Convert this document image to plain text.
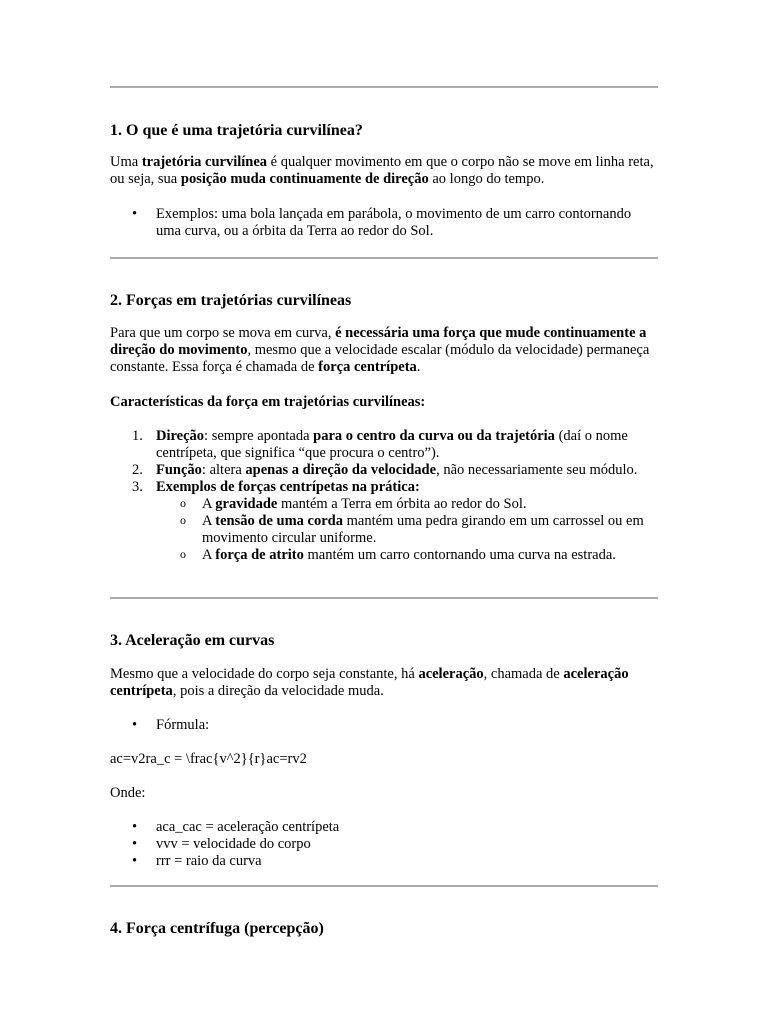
1. O que é uma trajetória curvilínea?

Uma trajetória curvilínea é qualquer movimento em que o corpo não se move em linha reta, ou seja, sua posição muda continuamente de direção ao longo do tempo.

• Exemplos: uma bola lançada em parábola, o movimento de um carro contornando uma curva, ou a órbita da Terra ao redor do Sol.
2. Forças em trajetórias curvilíneas

Para que um corpo se mova em curva, é necessária uma força que mude continuamente a direção do movimento, mesmo que a velocidade escalar (módulo da velocidade) permaneça constante. Essa força é chamada de força centrípeta.

Características da força em trajetórias curvilíneas:

1. Direção: sempre apontada para o centro da curva ou da trajetória (daí o nome centrípeta, que significa “que procura o centro”).
2. Função: altera apenas a direção da velocidade, não necessariamente seu módulo.
3. Exemplos de forças centrípetas na prática:
o A gravidade mantém a Terra em órbita ao redor do Sol.
o A tensão de uma corda mantém uma pedra girando em um carrossel ou em movimento circular uniforme.
o A força de atrito mantém um carro contornando uma curva na estrada.
3. Aceleração em curvas

Mesmo que a velocidade do corpo seja constante, há aceleração, chamada de aceleração centrípeta, pois a direção da velocidade muda.

• Fórmula:

ac=v2ra_c = \frac{v^2}{r}ac=rv2

Onde:

• aca_cac = aceleração centrípeta
• vvv = velocidade do corpo
• rrr = raio da curva
4. Força centrífuga (percepção)
